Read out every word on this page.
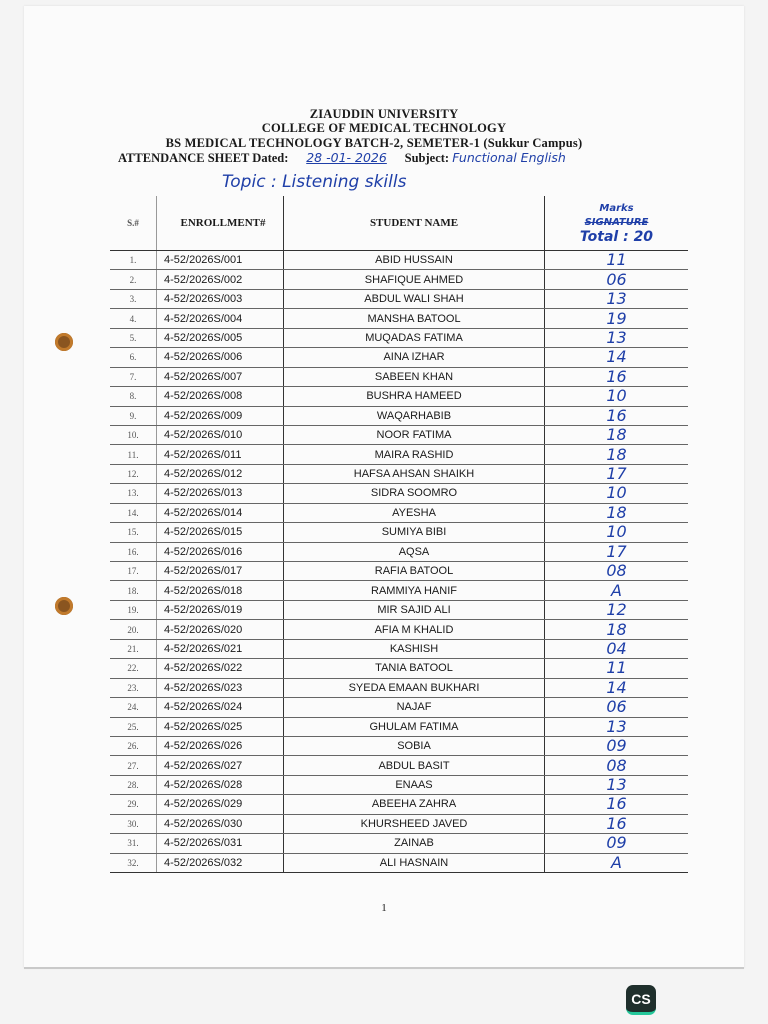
ZIAUDDIN UNIVERSITY
COLLEGE OF MEDICAL TECHNOLOGY
BS MEDICAL TECHNOLOGY BATCH-2, SEMETER-1 (Sukkur Campus)
ATTENDANCE SHEET Dated: 28 -01- 2026 Subject: Functional English
Topic : Listening skills
S.#	ENROLLMENT#	STUDENT NAME	Marks
SIGNATURE
Total : 20

1.	4-52/2026S/001	ABID HUSSAIN	11
2.	4-52/2026S/002	SHAFIQUE AHMED	06
3.	4-52/2026S/003	ABDUL WALI SHAH	13
4.	4-52/2026S/004	MANSHA BATOOL	19
5.	4-52/2026S/005	MUQADAS FATIMA	13
6.	4-52/2026S/006	AINA IZHAR	14
7.	4-52/2026S/007	SABEEN KHAN	16
8.	4-52/2026S/008	BUSHRA HAMEED	10
9.	4-52/2026S/009	WAQARHABIB	16
10.	4-52/2026S/010	NOOR FATIMA	18
11.	4-52/2026S/011	MAIRA RASHID	18
12.	4-52/2026S/012	HAFSA AHSAN SHAIKH	17
13.	4-52/2026S/013	SIDRA SOOMRO	10
14.	4-52/2026S/014	AYESHA	18
15.	4-52/2026S/015	SUMIYA BIBI	10
16.	4-52/2026S/016	AQSA	17
17.	4-52/2026S/017	RAFIA BATOOL	08
18.	4-52/2026S/018	RAMMIYA HANIF	A
19.	4-52/2026S/019	MIR SAJID ALI	12
20.	4-52/2026S/020	AFIA M KHALID	18
21.	4-52/2026S/021	KASHISH	04
22.	4-52/2026S/022	TANIA BATOOL	11
23.	4-52/2026S/023	SYEDA EMAAN BUKHARI	14
24.	4-52/2026S/024	NAJAF	06
25.	4-52/2026S/025	GHULAM FATIMA	13
26.	4-52/2026S/026	SOBIA	09
27.	4-52/2026S/027	ABDUL BASIT	08
28.	4-52/2026S/028	ENAAS	13
29.	4-52/2026S/029	ABEEHA ZAHRA	16
30.	4-52/2026S/030	KHURSHEED JAVED	16
31.	4-52/2026S/031	ZAINAB	09
32.	4-52/2026S/032	ALI HASNAIN	A
1
CS
